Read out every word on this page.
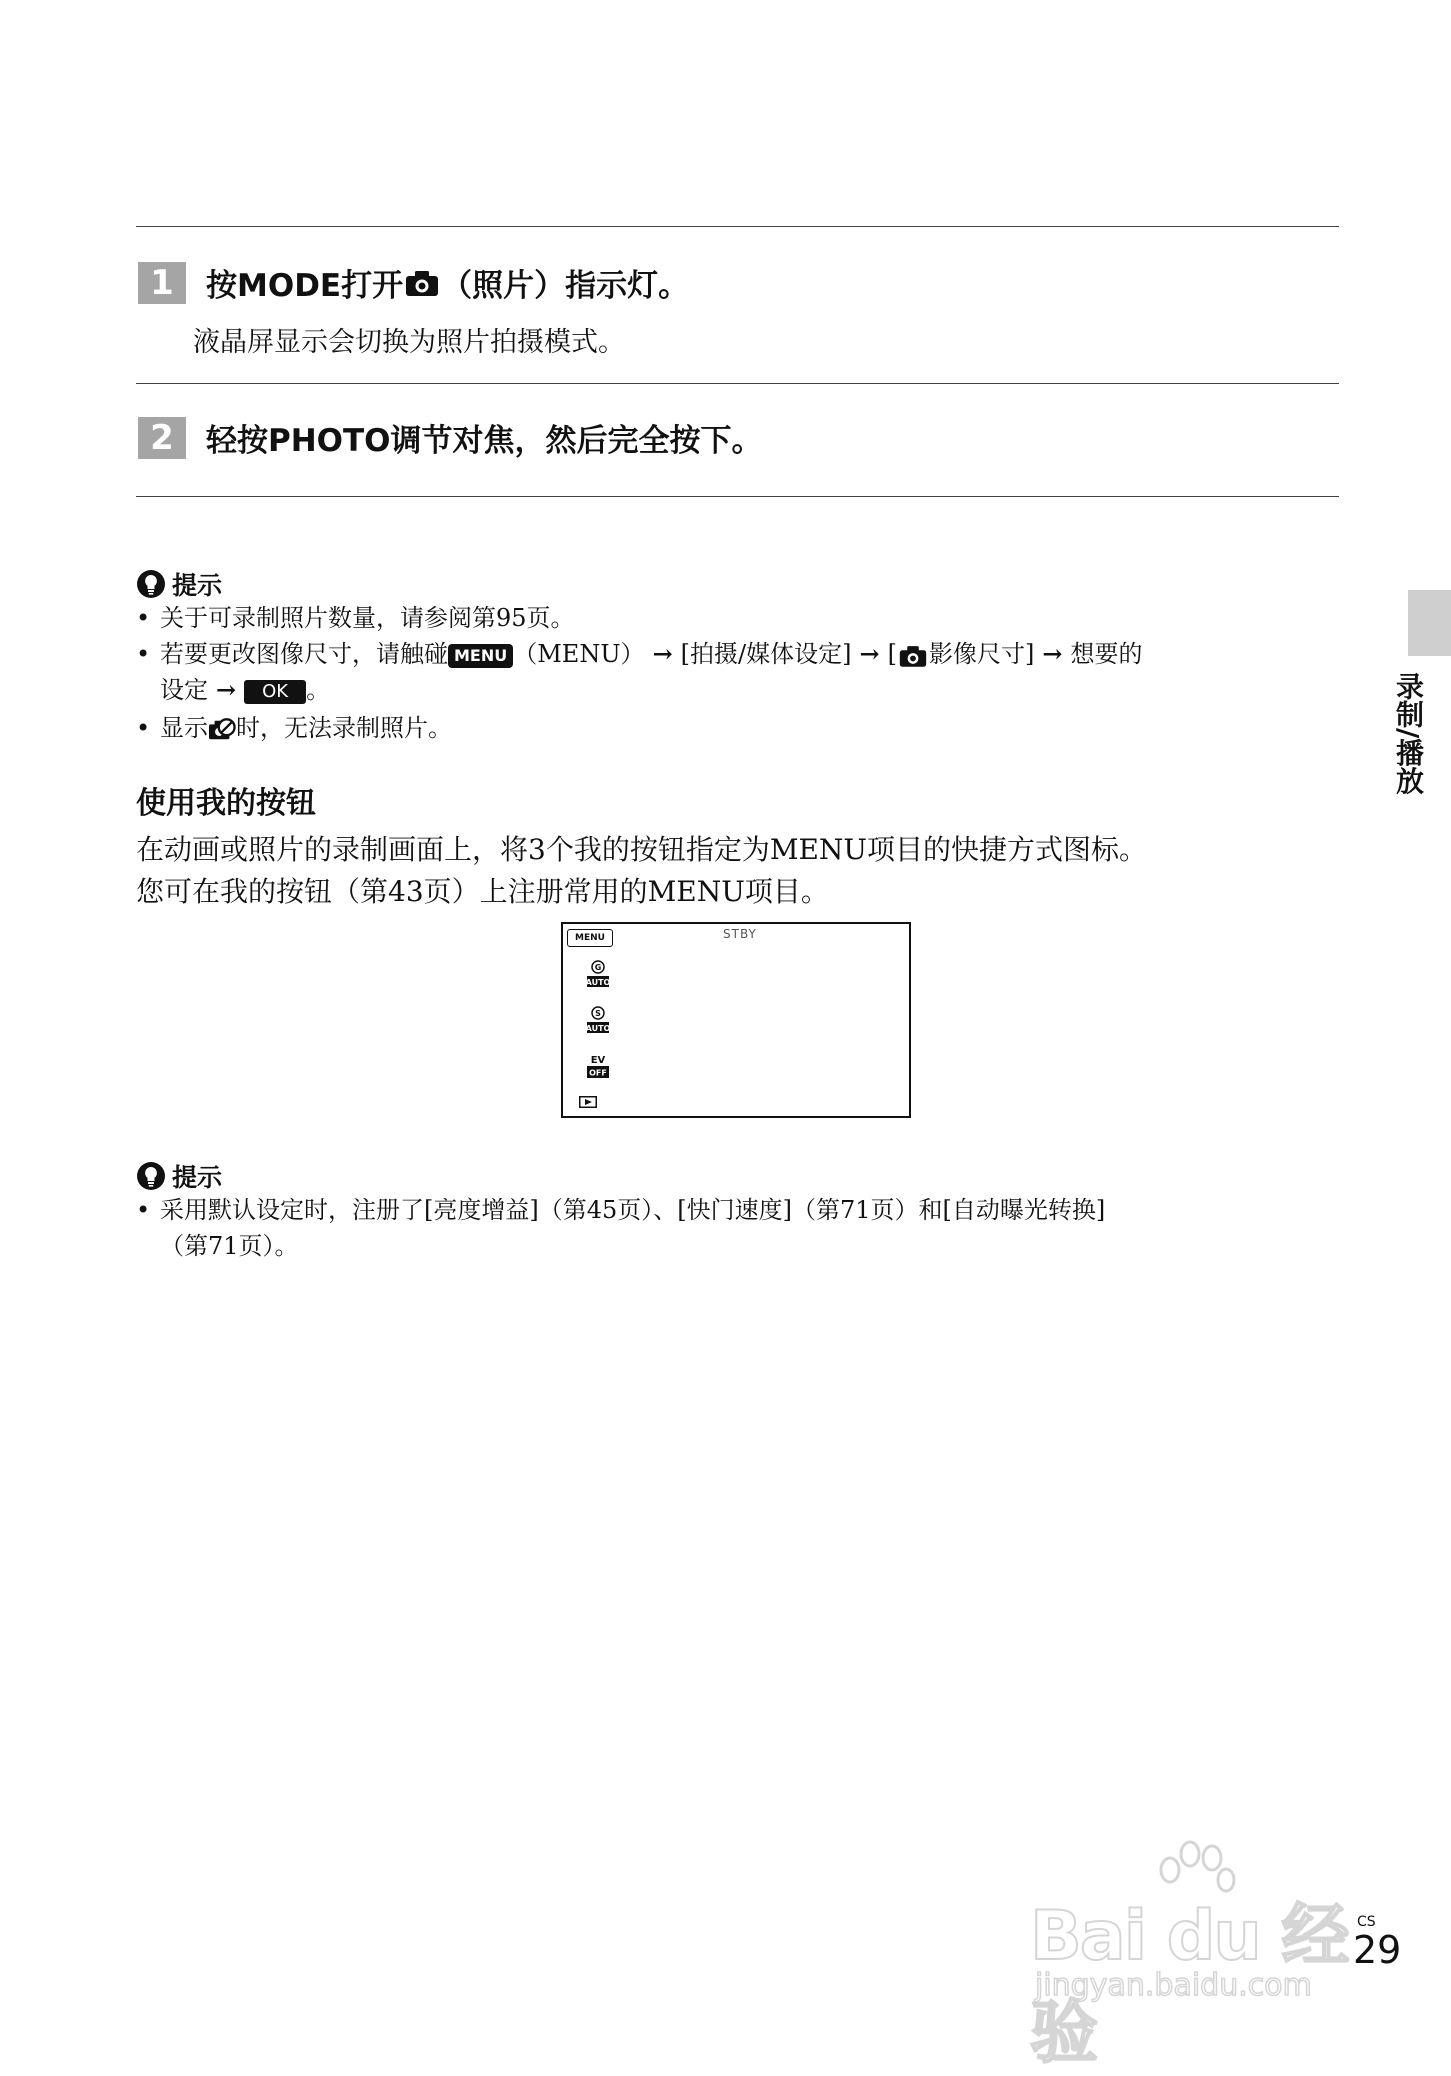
1	按MODE打开 （照片）指示灯。
液晶屏显示会切换为照片拍摄模式。
2	轻按PHOTO调节对焦，然后完全按下。
提示
• 关于可录制照片数量，请参阅第95页。
• 若要更改图像尺寸，请触碰 MENU （MENU） → [拍摄/媒体设定] → [ 影像尺寸] → 想要的
设定 → OK 。
• 显示 时，无法录制照片。
使用我的按钮
在动画或照片的录制画面上，将3个我的按钮指定为MENU项目的快捷方式图标。
您可在我的按钮（第43页）上注册常用的MENU项目。
MENU	STBY
G
AUTO
S
AUTO
EV
OFF
提示
• 采用默认设定时，注册了[亮度增益]（第45页）、[快门速度]（第71页）和[自动曝光转换]
（第71页）。
录制/播放
Bai du 经验
jingyan.baidu.com
CS
29
